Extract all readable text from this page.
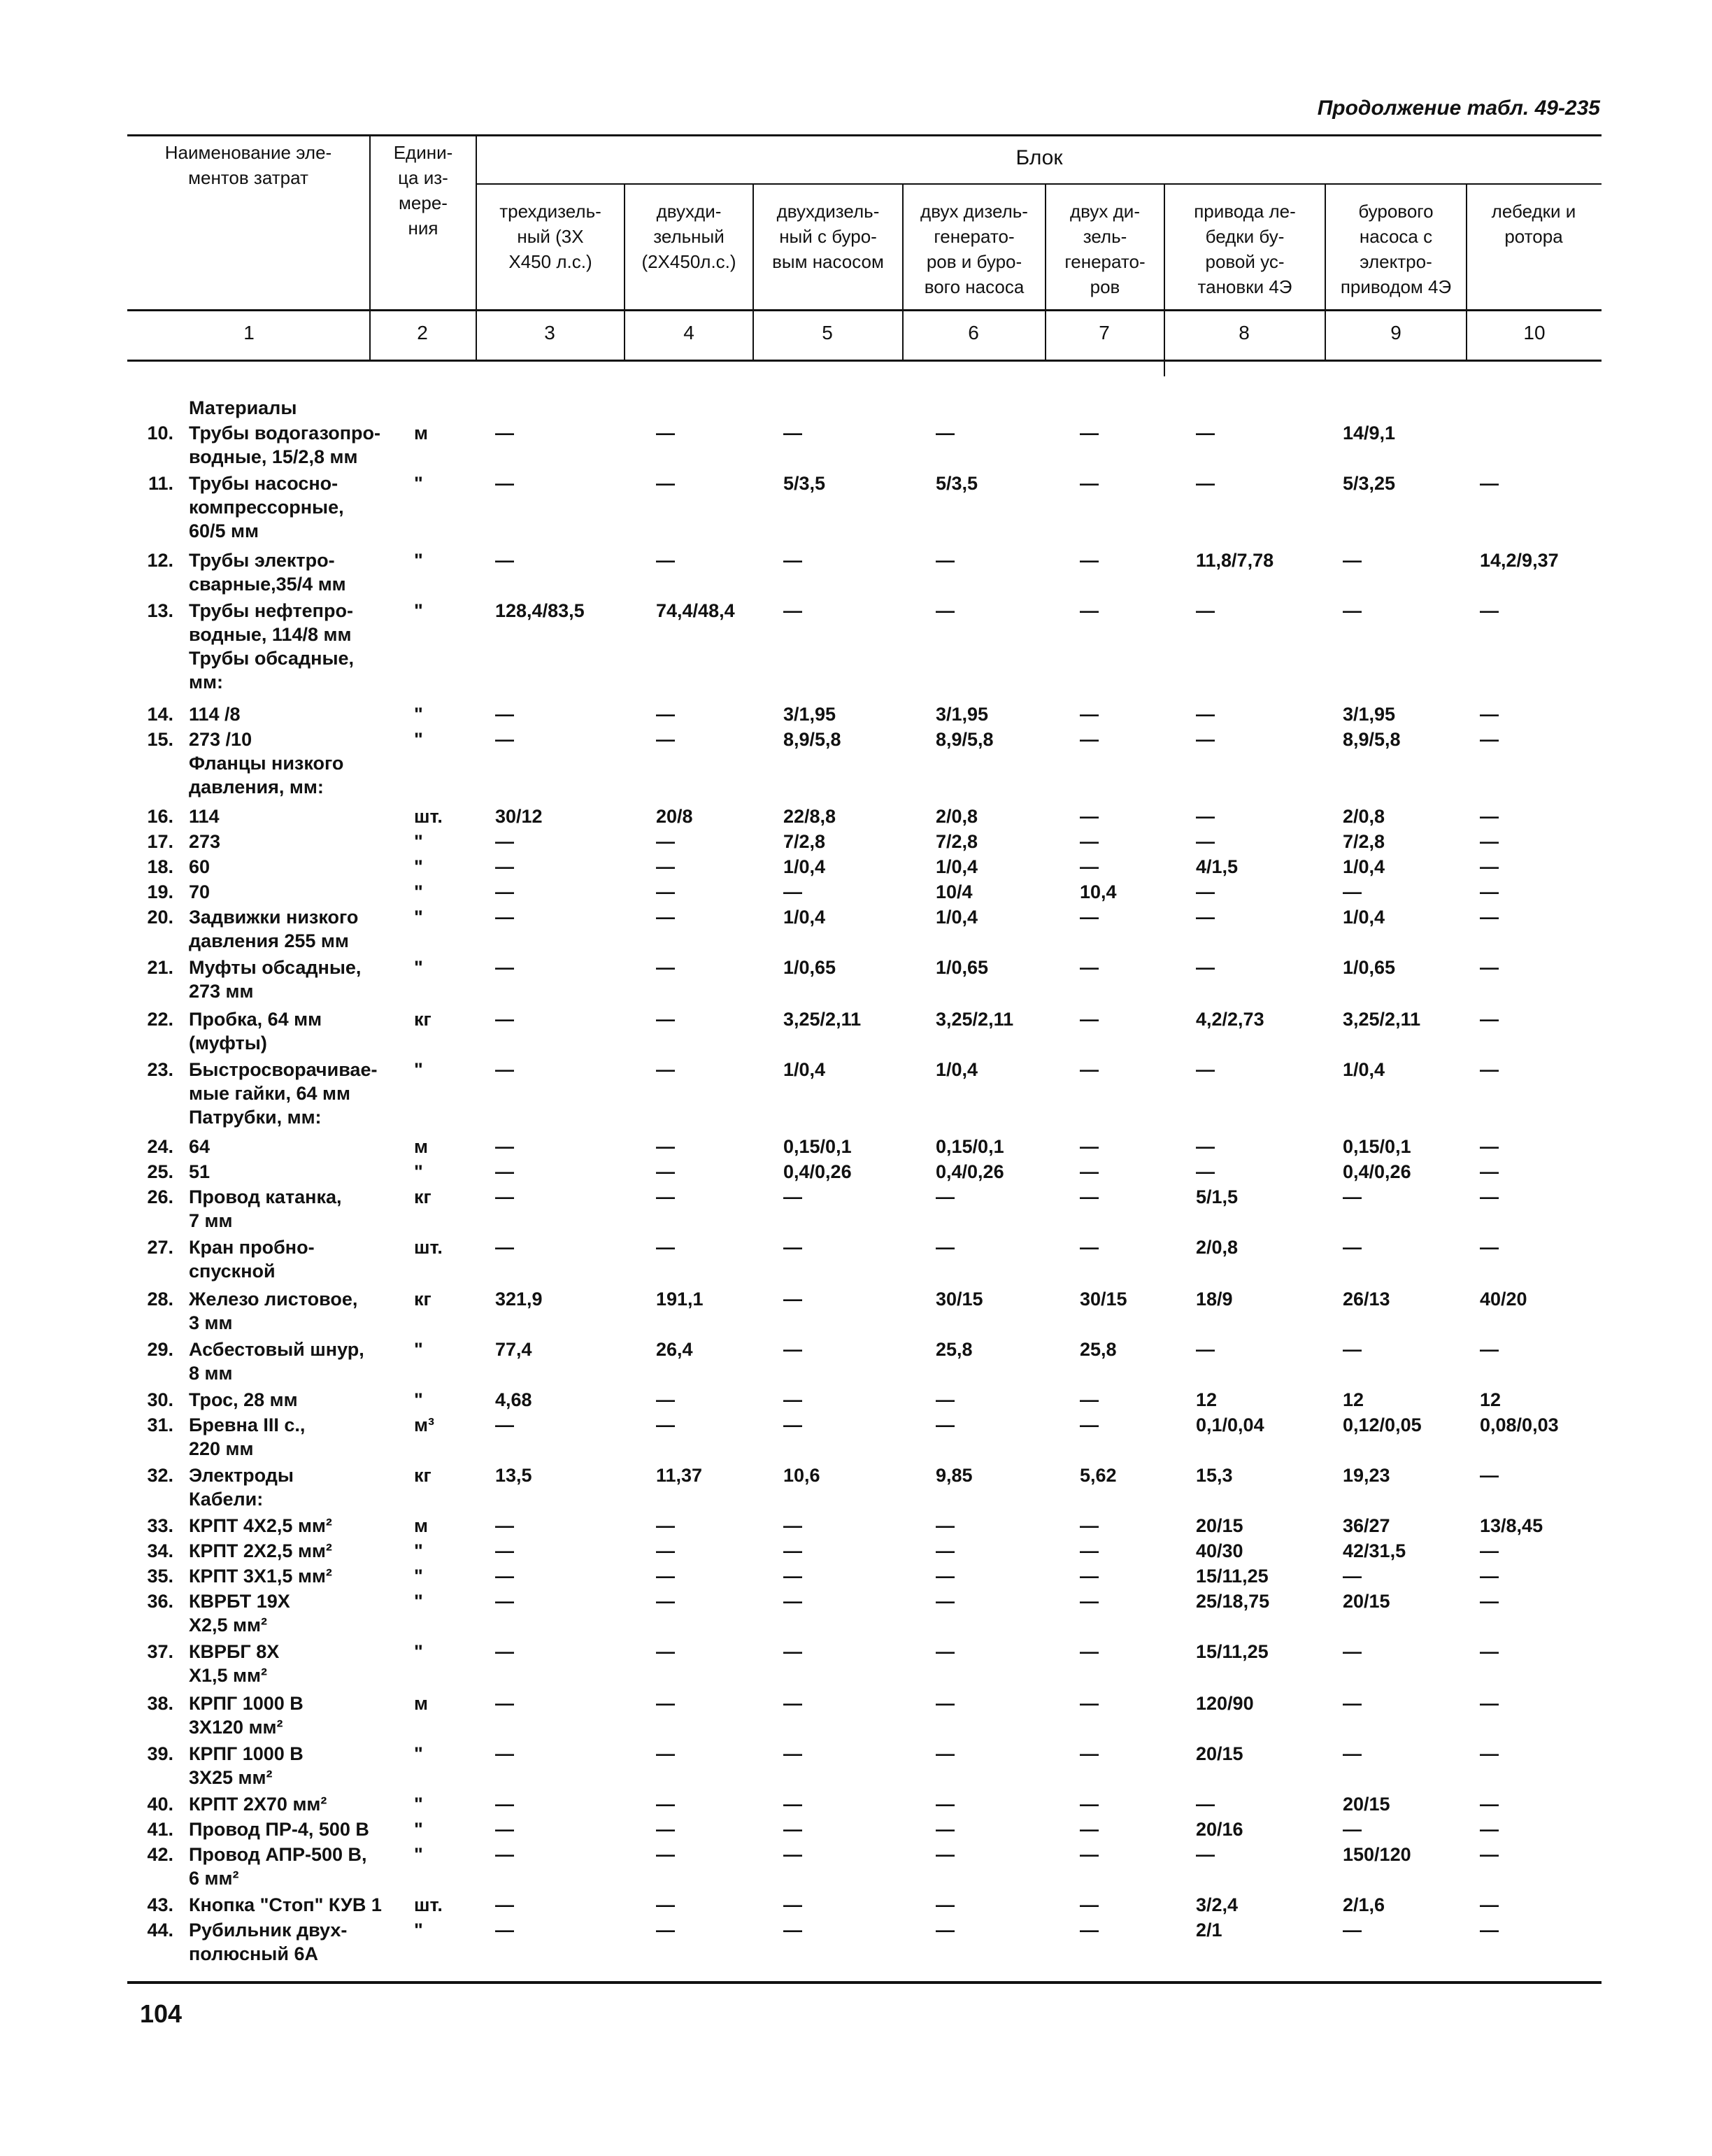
Продолжение табл. 49-235
Наименование эле-
ментов затрат
Едини-
ца из-
мере-
ния
Блок
трехдизель-
ный (3Х
Х450 л.с.)
двухди-
зельный
(2Х450л.с.)
двухдизель-
ный с буро-
вым насосом
двух дизель-
генерато-
ров и буро-
вого насоса
двух ди-
зель-
генерато-
ров
привода ле-
бедки бу-
ровой ус-
тановки 4Э
бурового
насоса с
электро-
приводом 4Э
лебедки и
ротора
1	2	3	4	5	6	7	8	9	10
Материалы
10. Трубы водогазопро-
водные, 15/2,8 мм
м	—	—	—	—	—	—	14/9,1
11. Трубы насосно-
компрессорные,
60/5 мм
"	—	—	5/3,5	5/3,5	—	—	5/3,25	—
12. Трубы электро-
сварные,35/4 мм
"	—	—	—	—	—	11,8/7,78	—	14,2/9,37
13. Трубы нефтепро-
водные, 114/8 мм
Трубы обсадные,
мм:
"	128,4/83,5	74,4/48,4	—	—	—	—	—	—
14. 114 /8	"	—	—	3/1,95	3/1,95	—	—	3/1,95	—
15. 273 /10
Фланцы низкого
давления, мм:
"	—	—	8,9/5,8	8,9/5,8	—	—	8,9/5,8	—
16. 114	шт.	30/12	20/8	22/8,8	2/0,8	—	—	2/0,8	—
17. 273	"	—	—	7/2,8	7/2,8	—	—	7/2,8	—
18. 60	"	—	—	1/0,4	1/0,4	—	4/1,5	1/0,4	—
19. 70	"	—	—	—	10/4	10,4	—	—	—
20. Задвижки низкого
давления 255 мм
"	—	—	1/0,4	1/0,4	—	—	1/0,4	—
21. Муфты обсадные,
273 мм
"	—	—	1/0,65	1/0,65	—	—	1/0,65	—
22. Пробка, 64 мм
(муфты)
кг	—	—	3,25/2,11	3,25/2,11	—	4,2/2,73	3,25/2,11	—
23. Быстросворачивае-
мые гайки, 64 мм
Патрубки, мм:
"	—	—	1/0,4	1/0,4	—	—	1/0,4	—
24. 64	м	—	—	0,15/0,1	0,15/0,1	—	—	0,15/0,1	—
25. 51	"	—	—	0,4/0,26	0,4/0,26	—	—	0,4/0,26	—
26. Провод катанка,
7 мм
кг	—	—	—	—	—	5/1,5	—	—
27. Кран пробно-
спускной
шт.	—	—	—	—	—	2/0,8	—	—
28. Железо листовое,
3 мм
кг	321,9	191,1	—	30/15	30/15	18/9	26/13	40/20
29. Асбестовый шнур,
8 мм
"	77,4	26,4	—	25,8	25,8	—	—	—
30. Трос, 28 мм	"	4,68	—	—	—	—	12	12	12
31. Бревна III с.,
220 мм
м³	—	—	—	—	—	0,1/0,04	0,12/0,05	0,08/0,03
32. Электроды
Кабели:
кг	13,5	11,37	10,6	9,85	5,62	15,3	19,23	—
33. КРПТ 4Х2,5 мм²	м	—	—	—	—	—	20/15	36/27	13/8,45
34. КРПТ 2Х2,5 мм²	"	—	—	—	—	—	40/30	42/31,5	—
35. КРПТ 3Х1,5 мм²	"	—	—	—	—	—	15/11,25	—	—
36. КВРБТ 19Х
Х2,5 мм²
"	—	—	—	—	—	25/18,75	20/15	—
37. КВРБГ 8Х
Х1,5 мм²
"	—	—	—	—	—	15/11,25	—	—
38. КРПГ 1000 В
3Х120 мм²
м	—	—	—	—	—	120/90	—	—
39. КРПГ 1000 В
3Х25 мм²
"	—	—	—	—	—	20/15	—	—
40. КРПТ 2Х70 мм²	"	—	—	—	—	—	—	20/15	—
41. Провод ПР-4, 500 В	"	—	—	—	—	—	20/16	—	—
42. Провод АПР-500 В,
6 мм²
"	—	—	—	—	—	—	150/120	—
43. Кнопка "Стоп" КУВ 1	шт.	—	—	—	—	—	3/2,4	2/1,6	—
44. Рубильник двух-
полюсный 6А
"	—	—	—	—	—	2/1	—	—
104
